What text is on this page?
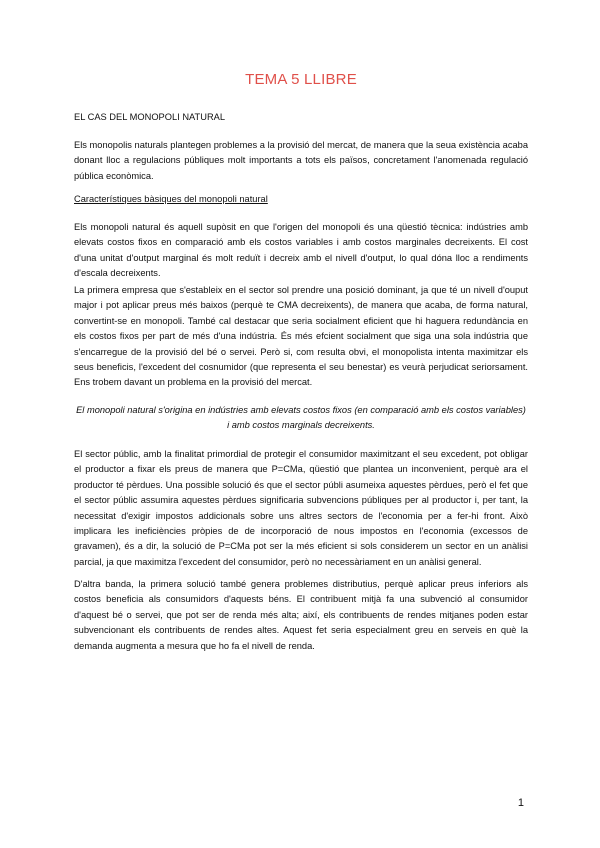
TEMA 5 LLIBRE

EL CAS DEL MONOPOLI NATURAL

Els monopolis naturals plantegen problemes a la provisió del mercat, de manera que la seua existència acaba donant lloc a regulacions públiques molt importants a tots els països, concretament l'anomenada regulació pública econòmica.

Característiques bàsiques del monopoli natural

Els monopoli natural és aquell supòsit en que l'origen del monopoli és una qüestió tècnica: indústries amb elevats costos fixos en comparació amb els costos variables i amb costos marginales decreixents. El cost d'una unitat d'output marginal és molt reduït i decreix amb el nivell d'output, lo qual dóna lloc a rendiments d'escala decreixents.

La primera empresa que s'estableix en el sector sol prendre una posició dominant, ja que té un nivell d'ouput major i pot aplicar preus més baixos (perquè te CMA decreixents), de manera que acaba, de forma natural, convertint-se en monopoli. També cal destacar que seria socialment eficient que hi haguera redundància en els costos fixos per part de més d'una indústria. És més efcient socialment que siga una sola indústria que s'encarregue de la provisió del bé o servei. Però si, com resulta obvi, el monopolista intenta maximitzar els seus beneficis, l'excedent del cosnumidor (que representa el seu benestar) es veurà perjudicat seriorsament. Ens trobem davant un problema en la provisió del mercat.

El monopoli natural s'origina en indústries amb elevats costos fixos (en comparació amb els costos variables) i amb costos marginals decreixents.

El sector públic, amb la finalitat primordial de protegir el consumidor maximitzant el seu excedent, pot obligar el productor a fixar els preus de manera que P=CMa, qüestió que plantea un inconvenient, perquè ara el productor té pèrdues. Una possible solució és que el sector públi asumeixa aquestes pèrdues, però el fet que el sector públic assumira aquestes pèrdues significaria subvencions públiques per al productor i, per tant, la necessitat d'exigir impostos addicionals sobre uns altres sectors de l'economia per a fer-hi front. Això implicara les ineficiències pròpies de de incorporació de nous impostos en l'economia (excessos de gravamen), és a dir, la solució de P=CMa pot ser la més eficient si sols considerem un sector en un anàlisi parcial, ja que maximitza l'excedent del consumidor, però no necessàriament en un anàlisi general.

D'altra banda, la primera solució també genera problemes distributius, perquè aplicar preus inferiors als costos beneficia als consumidors d'aquests béns. El contribuent mitjà fa una subvenció al consumidor d'aquest bé o servei, que pot ser de renda més alta; així, els contribuents de rendes mitjanes poden estar subvencionant els contribuents de rendes altes. Aquest fet seria especialment greu en serveis en què la demanda augmenta a mesura que ho fa el nivell de renda.

1
